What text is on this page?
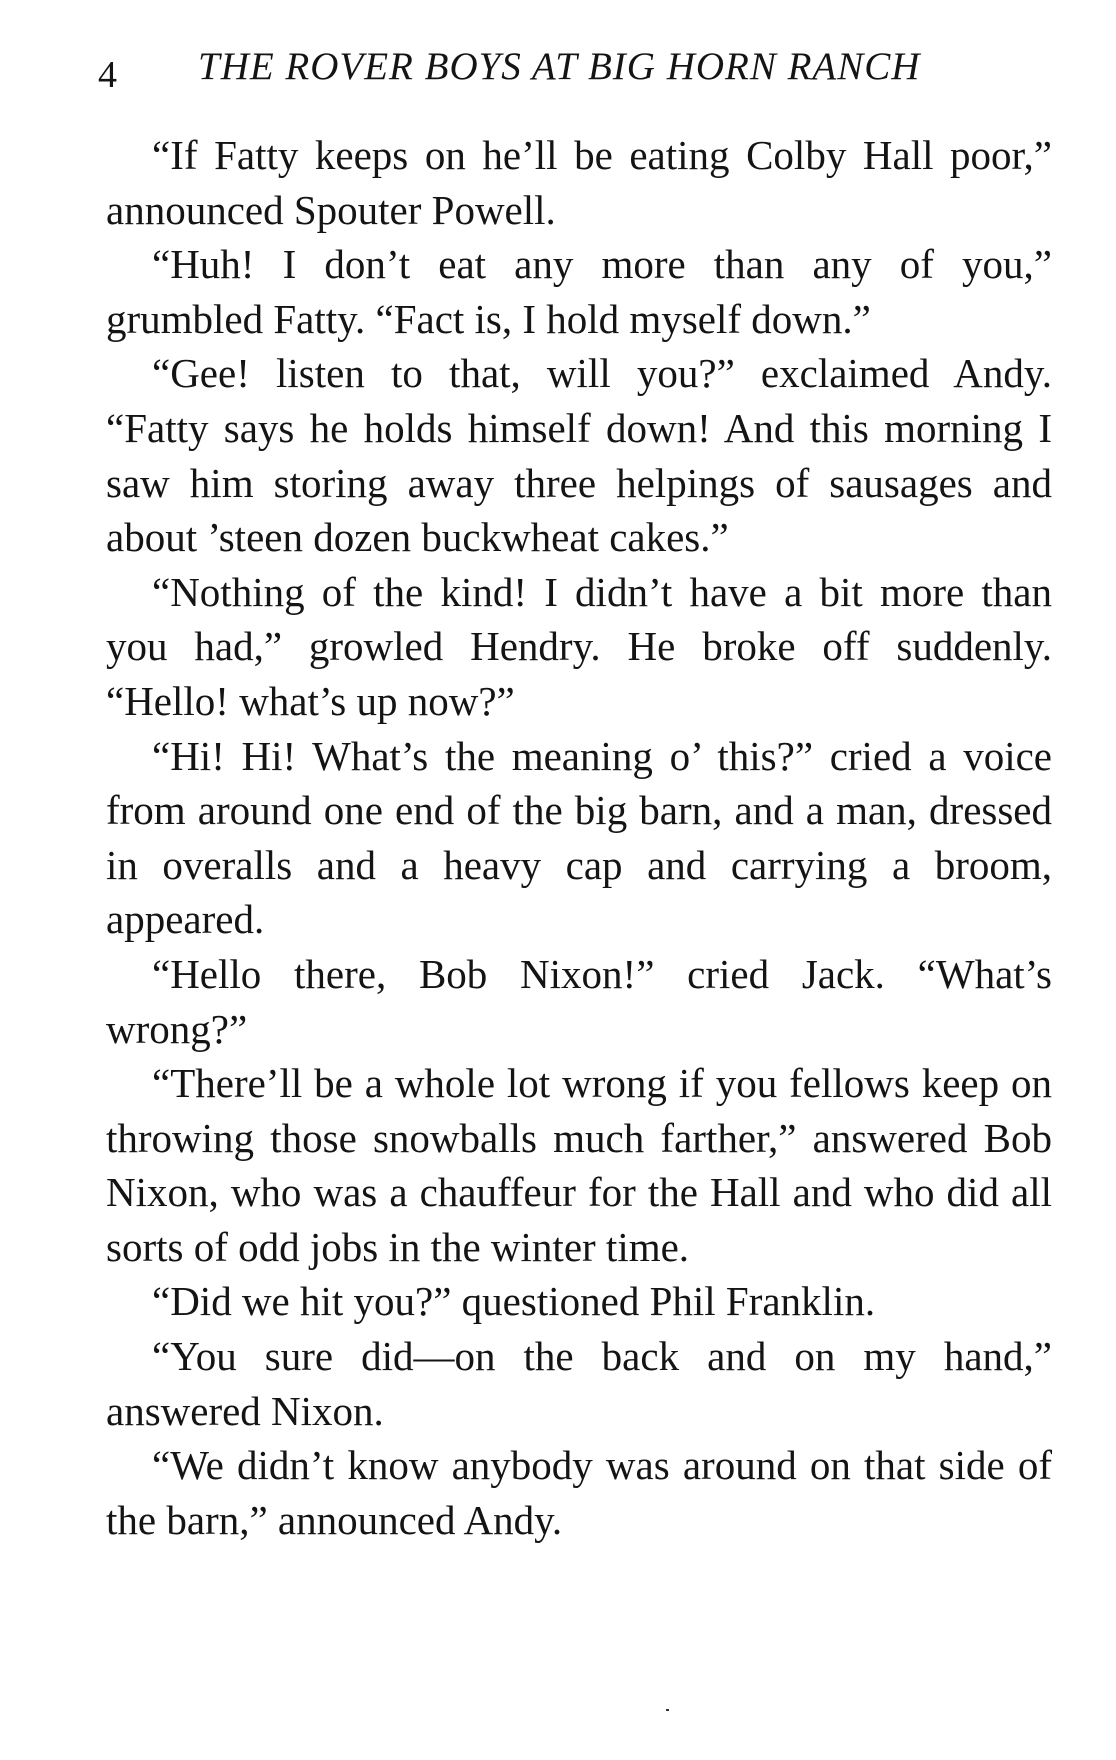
4 THE ROVER BOYS AT BIG HORN RANCH

“If Fatty keeps on he’ll be eating Colby Hall poor,” announced Spouter Powell.

“Huh! I don’t eat any more than any of you,” grumbled Fatty. “Fact is, I hold myself down.”

“Gee! listen to that, will you?” exclaimed Andy. “Fatty says he holds himself down! And this morning I saw him storing away three helpings of sausages and about ’steen dozen buckwheat cakes.”

“Nothing of the kind! I didn’t have a bit more than you had,” growled Hendry. He broke off suddenly. “Hello! what’s up now?”

“Hi! Hi! What’s the meaning o’ this?” cried a voice from around one end of the big barn, and a man, dressed in overalls and a heavy cap and carrying a broom, appeared.

“Hello there, Bob Nixon!” cried Jack. “What’s wrong?”

“There’ll be a whole lot wrong if you fellows keep on throwing those snowballs much farther,” answered Bob Nixon, who was a chauffeur for the Hall and who did all sorts of odd jobs in the winter time.

“Did we hit you?” questioned Phil Franklin.

“You sure did—on the back and on my hand,” answered Nixon.

“We didn’t know anybody was around on that side of the barn,” announced Andy.
